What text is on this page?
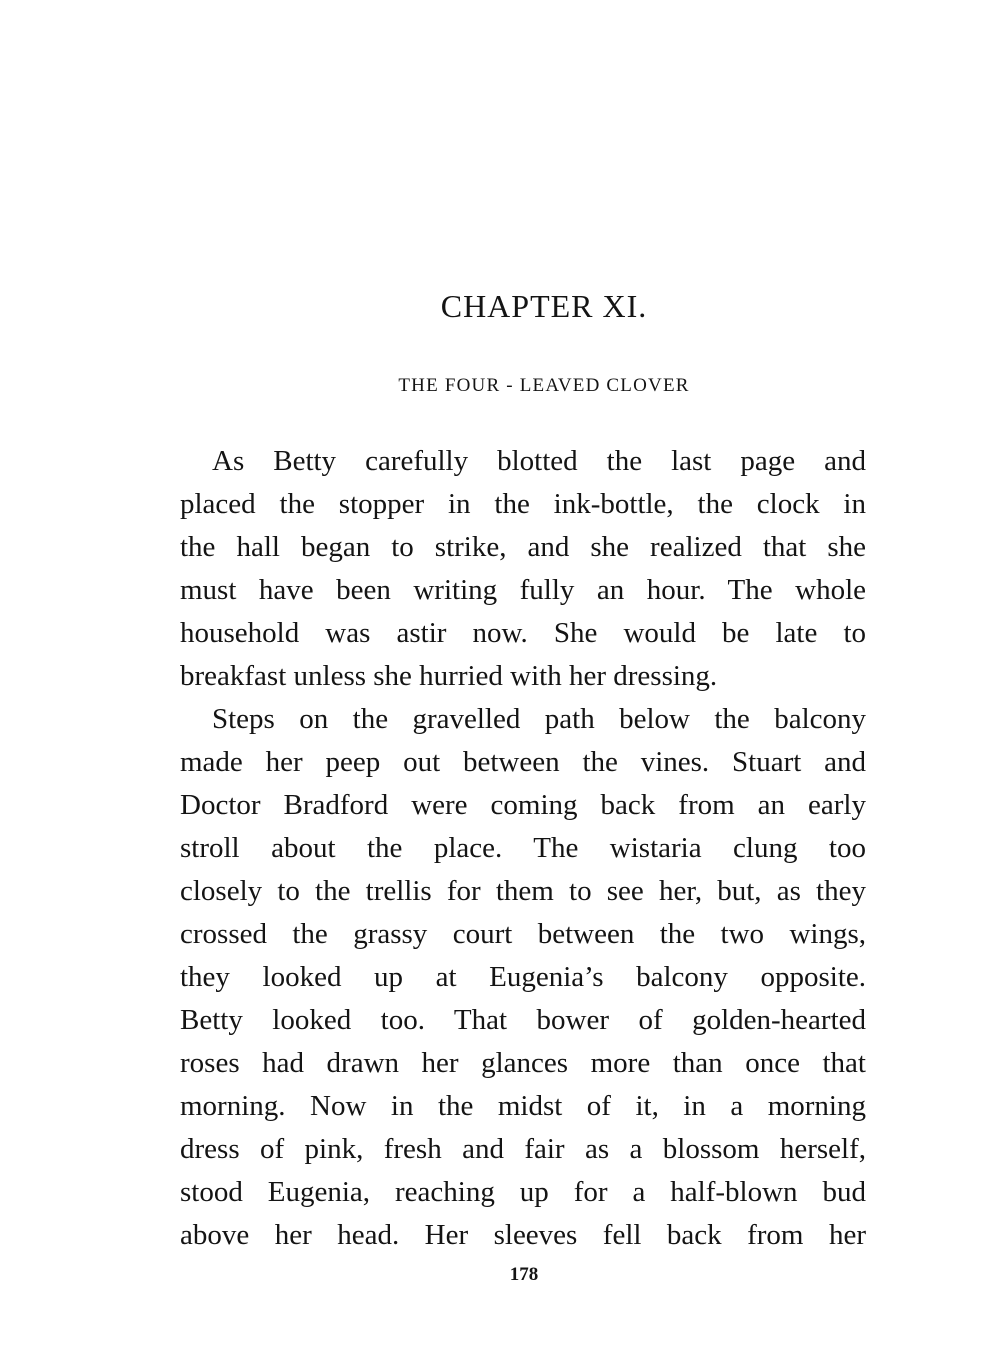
CHAPTER XI.
THE FOUR - LEAVED CLOVER
As Betty carefully blotted the last page and
placed the stopper in the ink-bottle, the clock in
the hall began to strike, and she realized that she
must have been writing fully an hour. The whole
household was astir now. She would be late to
breakfast unless she hurried with her dressing.
Steps on the gravelled path below the balcony
made her peep out between the vines. Stuart and
Doctor Bradford were coming back from an early
stroll about the place. The wistaria clung too
closely to the trellis for them to see her, but, as they
crossed the grassy court between the two wings,
they looked up at Eugenia’s balcony opposite.
Betty looked too. That bower of golden-hearted
roses had drawn her glances more than once that
morning. Now in the midst of it, in a morning
dress of pink, fresh and fair as a blossom herself,
stood Eugenia, reaching up for a half-blown bud
above her head. Her sleeves fell back from her
178
